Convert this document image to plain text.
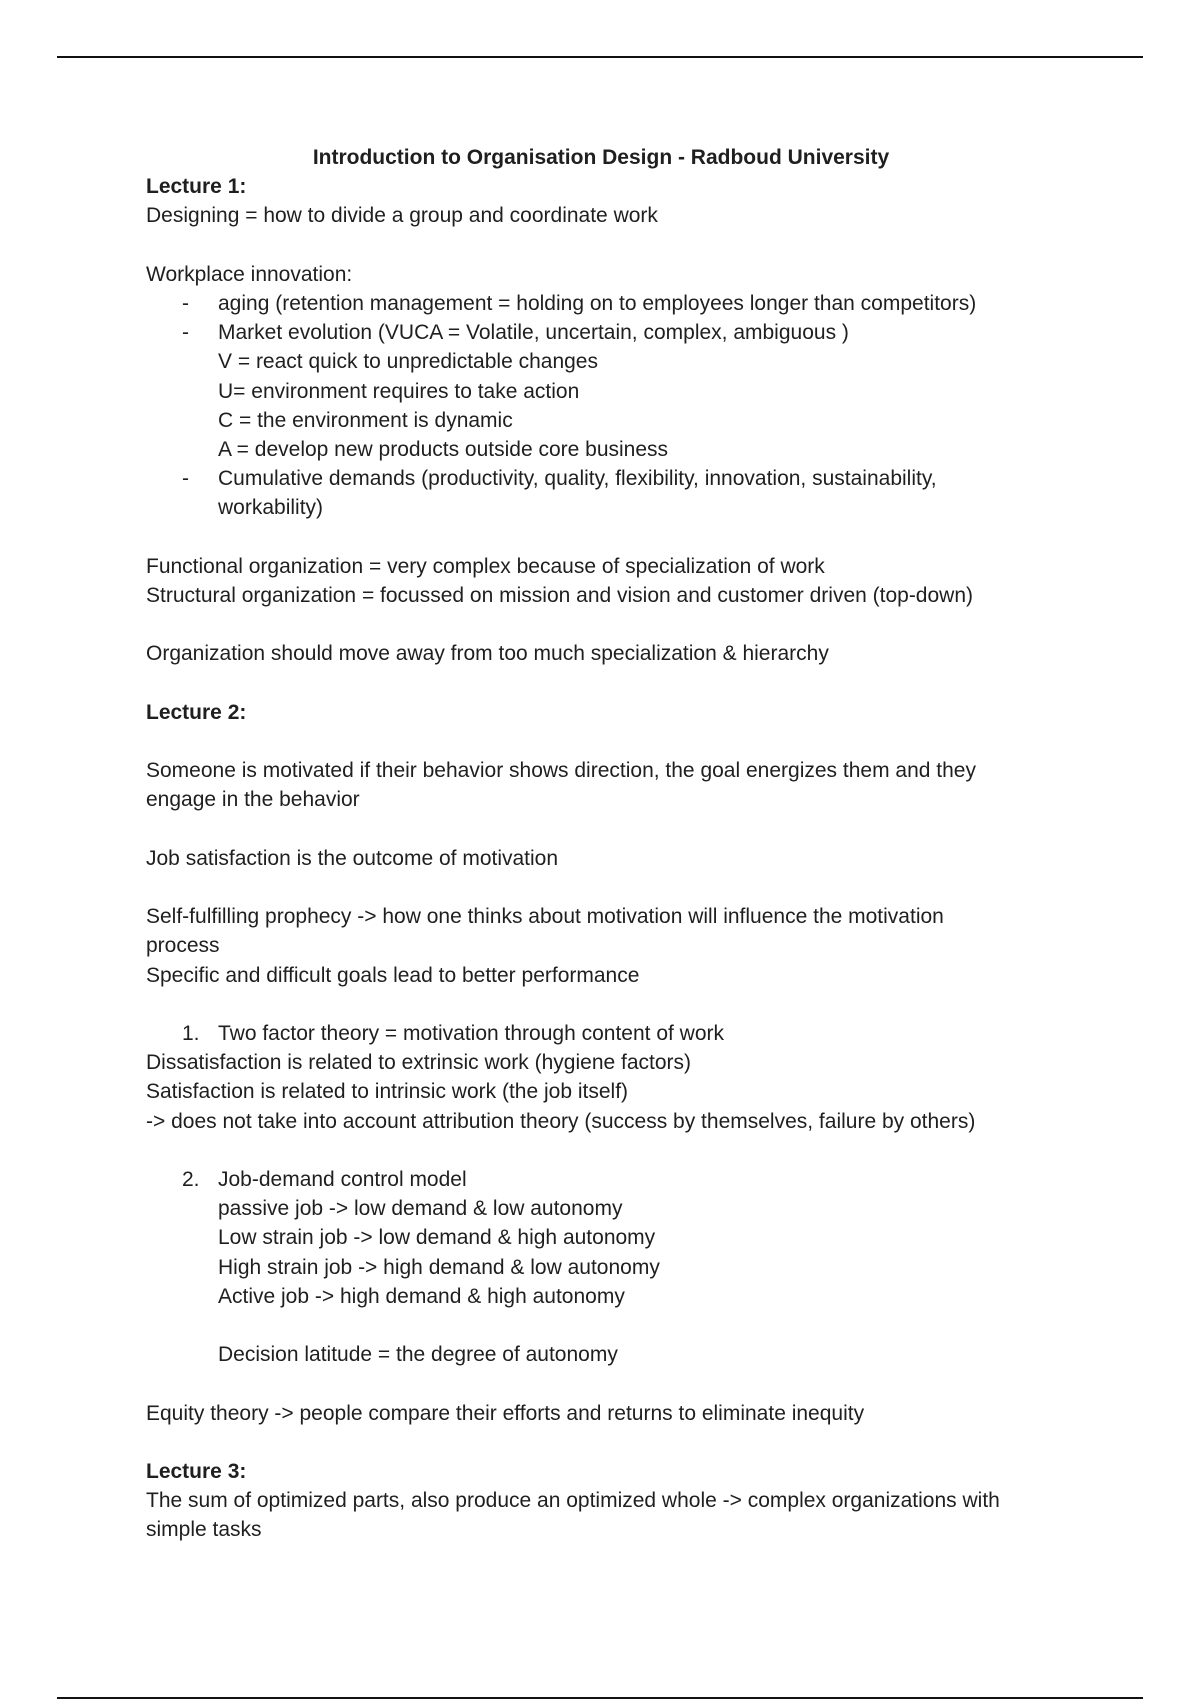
Introduction to Organisation Design - Radboud University

Lecture 1:

Designing = how to divide a group and coordinate work

Workplace innovation:

- aging (retention management = holding on to employees longer than competitors)

- Market evolution (VUCA = Volatile, uncertain, complex, ambiguous )

V = react quick to unpredictable changes

U= environment requires to take action

C = the environment is dynamic

A = develop new products outside core business

- Cumulative demands (productivity, quality, flexibility, innovation, sustainability,

workability)

Functional organization = very complex because of specialization of work

Structural organization = focussed on mission and vision and customer driven (top-down)

Organization should move away from too much specialization & hierarchy

Lecture 2:

Someone is motivated if their behavior shows direction, the goal energizes them and they

engage in the behavior

Job satisfaction is the outcome of motivation

Self-fulfilling prophecy -> how one thinks about motivation will influence the motivation

process

Specific and difficult goals lead to better performance

1. Two factor theory = motivation through content of work

Dissatisfaction is related to extrinsic work (hygiene factors)

Satisfaction is related to intrinsic work (the job itself)

-> does not take into account attribution theory (success by themselves, failure by others)

2. Job-demand control model

passive job -> low demand & low autonomy

Low strain job -> low demand & high autonomy

High strain job -> high demand & low autonomy

Active job -> high demand & high autonomy

Decision latitude = the degree of autonomy

Equity theory -> people compare their efforts and returns to eliminate inequity

Lecture 3:

The sum of optimized parts, also produce an optimized whole -> complex organizations with

simple tasks
